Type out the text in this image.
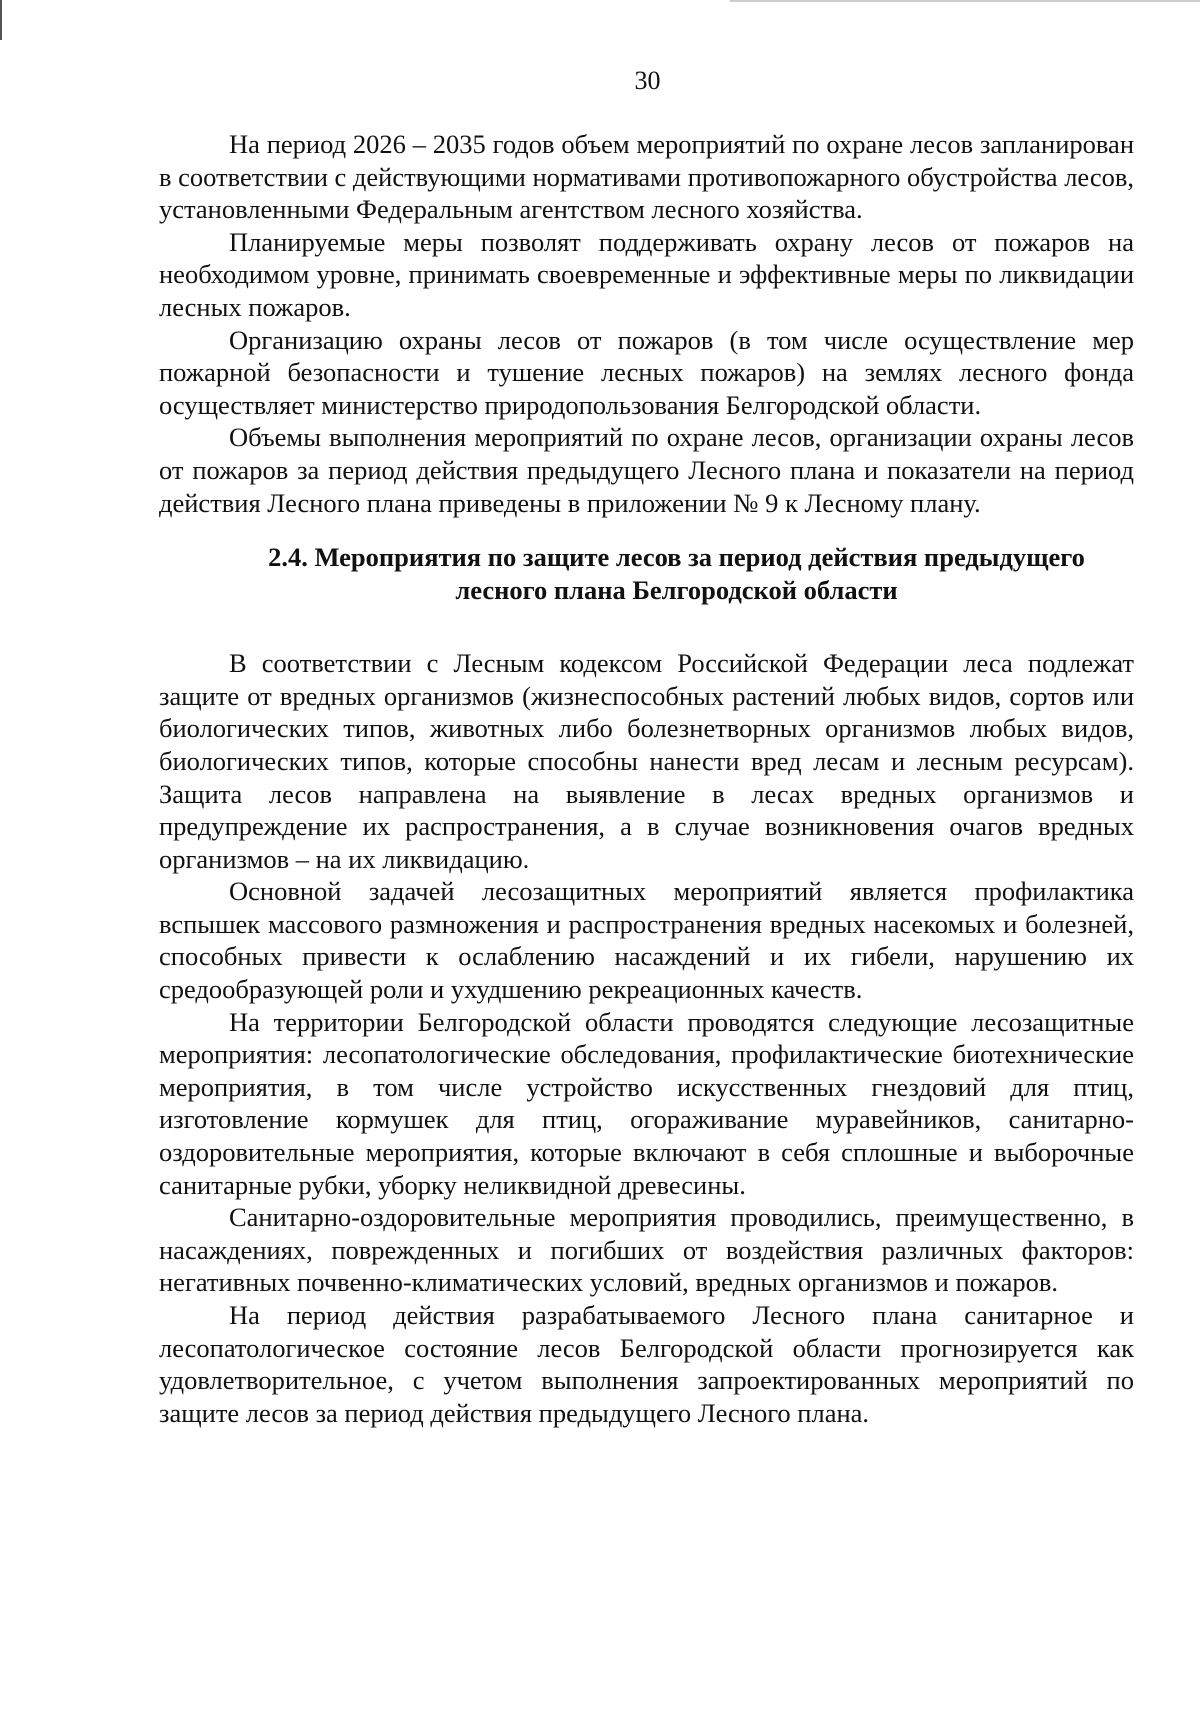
30

На период 2026 – 2035 годов объем мероприятий по охране лесов запланирован в соответствии с действующими нормативами противопожарного обустройства лесов, установленными Федеральным агентством лесного хозяйства.

Планируемые меры позволят поддерживать охрану лесов от пожаров на необходимом уровне, принимать своевременные и эффективные меры по ликвидации лесных пожаров.

Организацию охраны лесов от пожаров (в том числе осуществление мер пожарной безопасности и тушение лесных пожаров) на землях лесного фонда осуществляет министерство природопользования Белгородской области.

Объемы выполнения мероприятий по охране лесов, организации охраны лесов от пожаров за период действия предыдущего Лесного плана и показатели на период действия Лесного плана приведены в приложении № 9 к Лесному плану.

2.4. Мероприятия по защите лесов за период действия предыдущего
лесного плана Белгородской области

В соответствии с Лесным кодексом Российской Федерации леса подлежат защите от вредных организмов (жизнеспособных растений любых видов, сортов или биологических типов, животных либо болезнетворных организмов любых видов, биологических типов, которые способны нанести вред лесам и лесным ресурсам). Защита лесов направлена на выявление в лесах вредных организмов и предупреждение их распространения, а в случае возникновения очагов вредных организмов – на их ликвидацию.

Основной задачей лесозащитных мероприятий является профилактика вспышек массового размножения и распространения вредных насекомых и болезней, способных привести к ослаблению насаждений и их гибели, нарушению их средообразующей роли и ухудшению рекреационных качеств.

На территории Белгородской области проводятся следующие лесозащитные мероприятия: лесопатологические обследования, профилактические биотехнические мероприятия, в том числе устройство искусственных гнездовий для птиц, изготовление кормушек для птиц, огораживание муравейников, санитарно-оздоровительные мероприятия, которые включают в себя сплошные и выборочные санитарные рубки, уборку неликвидной древесины.

Санитарно-оздоровительные мероприятия проводились, преимущественно, в насаждениях, поврежденных и погибших от воздействия различных факторов: негативных почвенно-климатических условий, вредных организмов и пожаров.

На период действия разрабатываемого Лесного плана санитарное и лесопатологическое состояние лесов Белгородской области прогнозируется как удовлетворительное, с учетом выполнения запроектированных мероприятий по защите лесов за период действия предыдущего Лесного плана.
